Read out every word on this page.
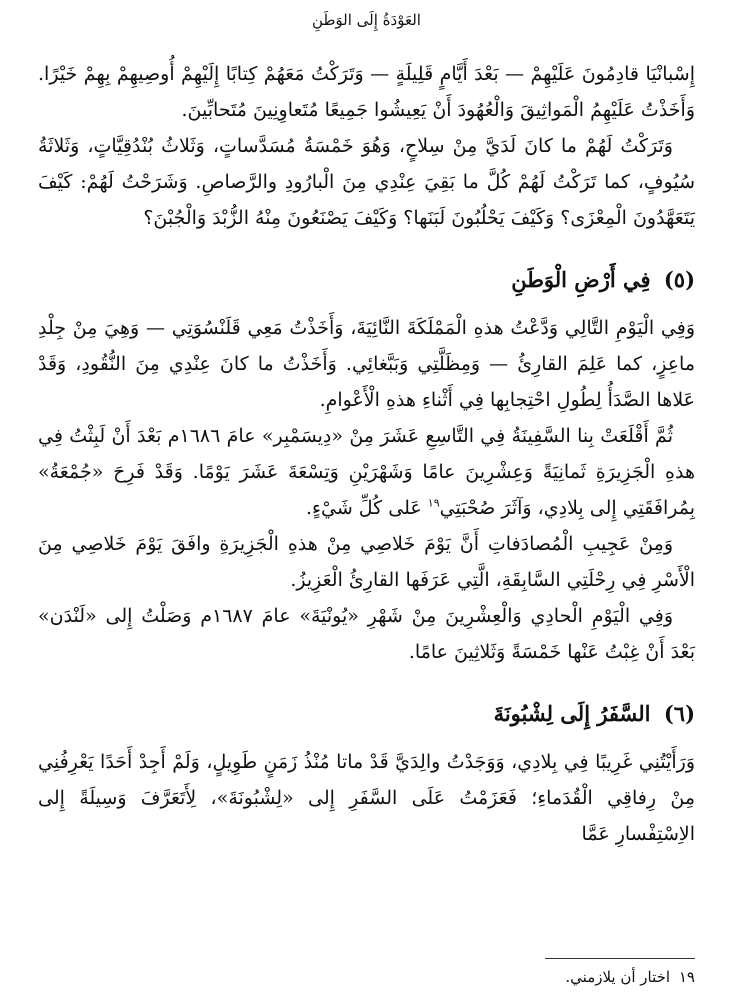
العَوْدَةُ إِلَى الوَطَنِ

إِسْبانْيَا قادِمُونَ عَلَيْهِمْ — بَعْدَ أَيَّامٍ قَلِيلَةٍ — وَتَرَكْتُ مَعَهُمْ كِتابًا إِلَيْهِمْ أُوصِيهِمْ بِهِمْ خَيْرًا. وَأَخَذْتُ عَلَيْهِمُ الْمَواثِيقَ وَالْعُهُودَ أَنْ يَعِيشُوا جَمِيعًا مُتَعاوِنِينَ مُتَحابِّينَ.

وَتَرَكْتُ لَهُمْ ما كانَ لَدَيَّ مِنْ سِلاحٍ، وَهُوَ خَمْسَةُ مُسَدَّساتٍ، وَثَلاثُ بُنْدُقِيَّاتٍ، وَثَلاثَةُ سُيُوفٍ، كما تَرَكْتُ لَهُمْ كُلَّ ما بَقِيَ عِنْدِي مِنَ الْبارُودِ والرَّصاصِ. وَشَرَحْتُ لَهُمْ: كَيْفَ يَتَعَهَّدُونَ الْمِعْزَى؟ وَكَيْفَ يَحْلُبُونَ لَبَنَها؟ وَكَيْفَ يَصْنَعُونَ مِنْهُ الزُّبْدَ وَالْجُبْنَ؟

(٥) فِي أَرْضِ الْوَطَنِ

وَفِي الْيَوْمِ التَّالِي وَدَّعْتُ هذهِ الْمَمْلَكَةَ النَّائِيَةَ، وَأَخَذْتُ مَعِي قَلَنْسُوَتِي — وَهِيَ مِنْ جِلْدِ ماعِزٍ، كما عَلِمَ القارِئُ — وَمِظَلَّتِي وَبَبَّغائِي. وَأَخَذْتُ ما كانَ عِنْدِي مِنَ النُّقُودِ، وَقَدْ عَلاها الصَّدَأُ لِطُولِ احْتِجابِها فِي أَثْناءِ هذهِ الْأَعْوامِ.

ثُمَّ أَقْلَعَتْ بِنا السَّفِينَةُ فِي التَّاسِعِ عَشَرَ مِنْ «دِيسَمْبِر» عامَ ١٦٨٦م بَعْدَ أَنْ لَبِثْتُ فِي هذهِ الْجَزِيرَةِ ثَمانِيَةً وَعِشْرِينَ عامًا وَشَهْرَيْنِ وَتِسْعَةَ عَشَرَ يَوْمًا. وَقَدْ فَرِحَ «جُمْعَةُ» بِمُرافَقَتِي إِلى بِلادِي، وَآثَرَ صُحْبَتِي$^{١٩}$ عَلى كُلِّ شَيْءٍ.

وَمِنْ عَجِيبِ الْمُصادَفاتِ أَنَّ يَوْمَ خَلاصِي مِنْ هذهِ الْجَزِيرَةِ وافَقَ يَوْمَ خَلاصِي مِنَ الْأَسْرِ فِي رِحْلَتِي السَّابِقَةِ، الَّتِي عَرَفَها القارِئُ الْعَزِيزُ.

وَفِي الْيَوْمِ الْحادِي وَالْعِشْرِينَ مِنْ شَهْرِ «يُونْيَةَ» عامَ ١٦٨٧م وَصَلْتُ إِلى «لَنْدَن» بَعْدَ أَنْ غِبْتُ عَنْها خَمْسَةً وَثَلاثِينَ عامًا.

(٦) السَّفَرُ إِلَى لِشْبُونَةَ

وَرَأَيْتُنِي غَرِيبًا فِي بِلادِي، وَوَجَدْتُ والِدَيَّ قَدْ ماتا مُنْذُ زَمَنٍ طَوِيلٍ، وَلَمْ أَجِدْ أَحَدًا يَعْرِفُنِي مِنْ رِفاقِي الْقُدَماءِ؛ فَعَزَمْتُ عَلَى السَّفَرِ إِلى «لِشْبُونَةَ»، لِأَتَعَرَّفَ وَسِيلَةً إِلى الاِسْتِفْسارِ عَمَّا

١٩ اختار أن يلازمني.
